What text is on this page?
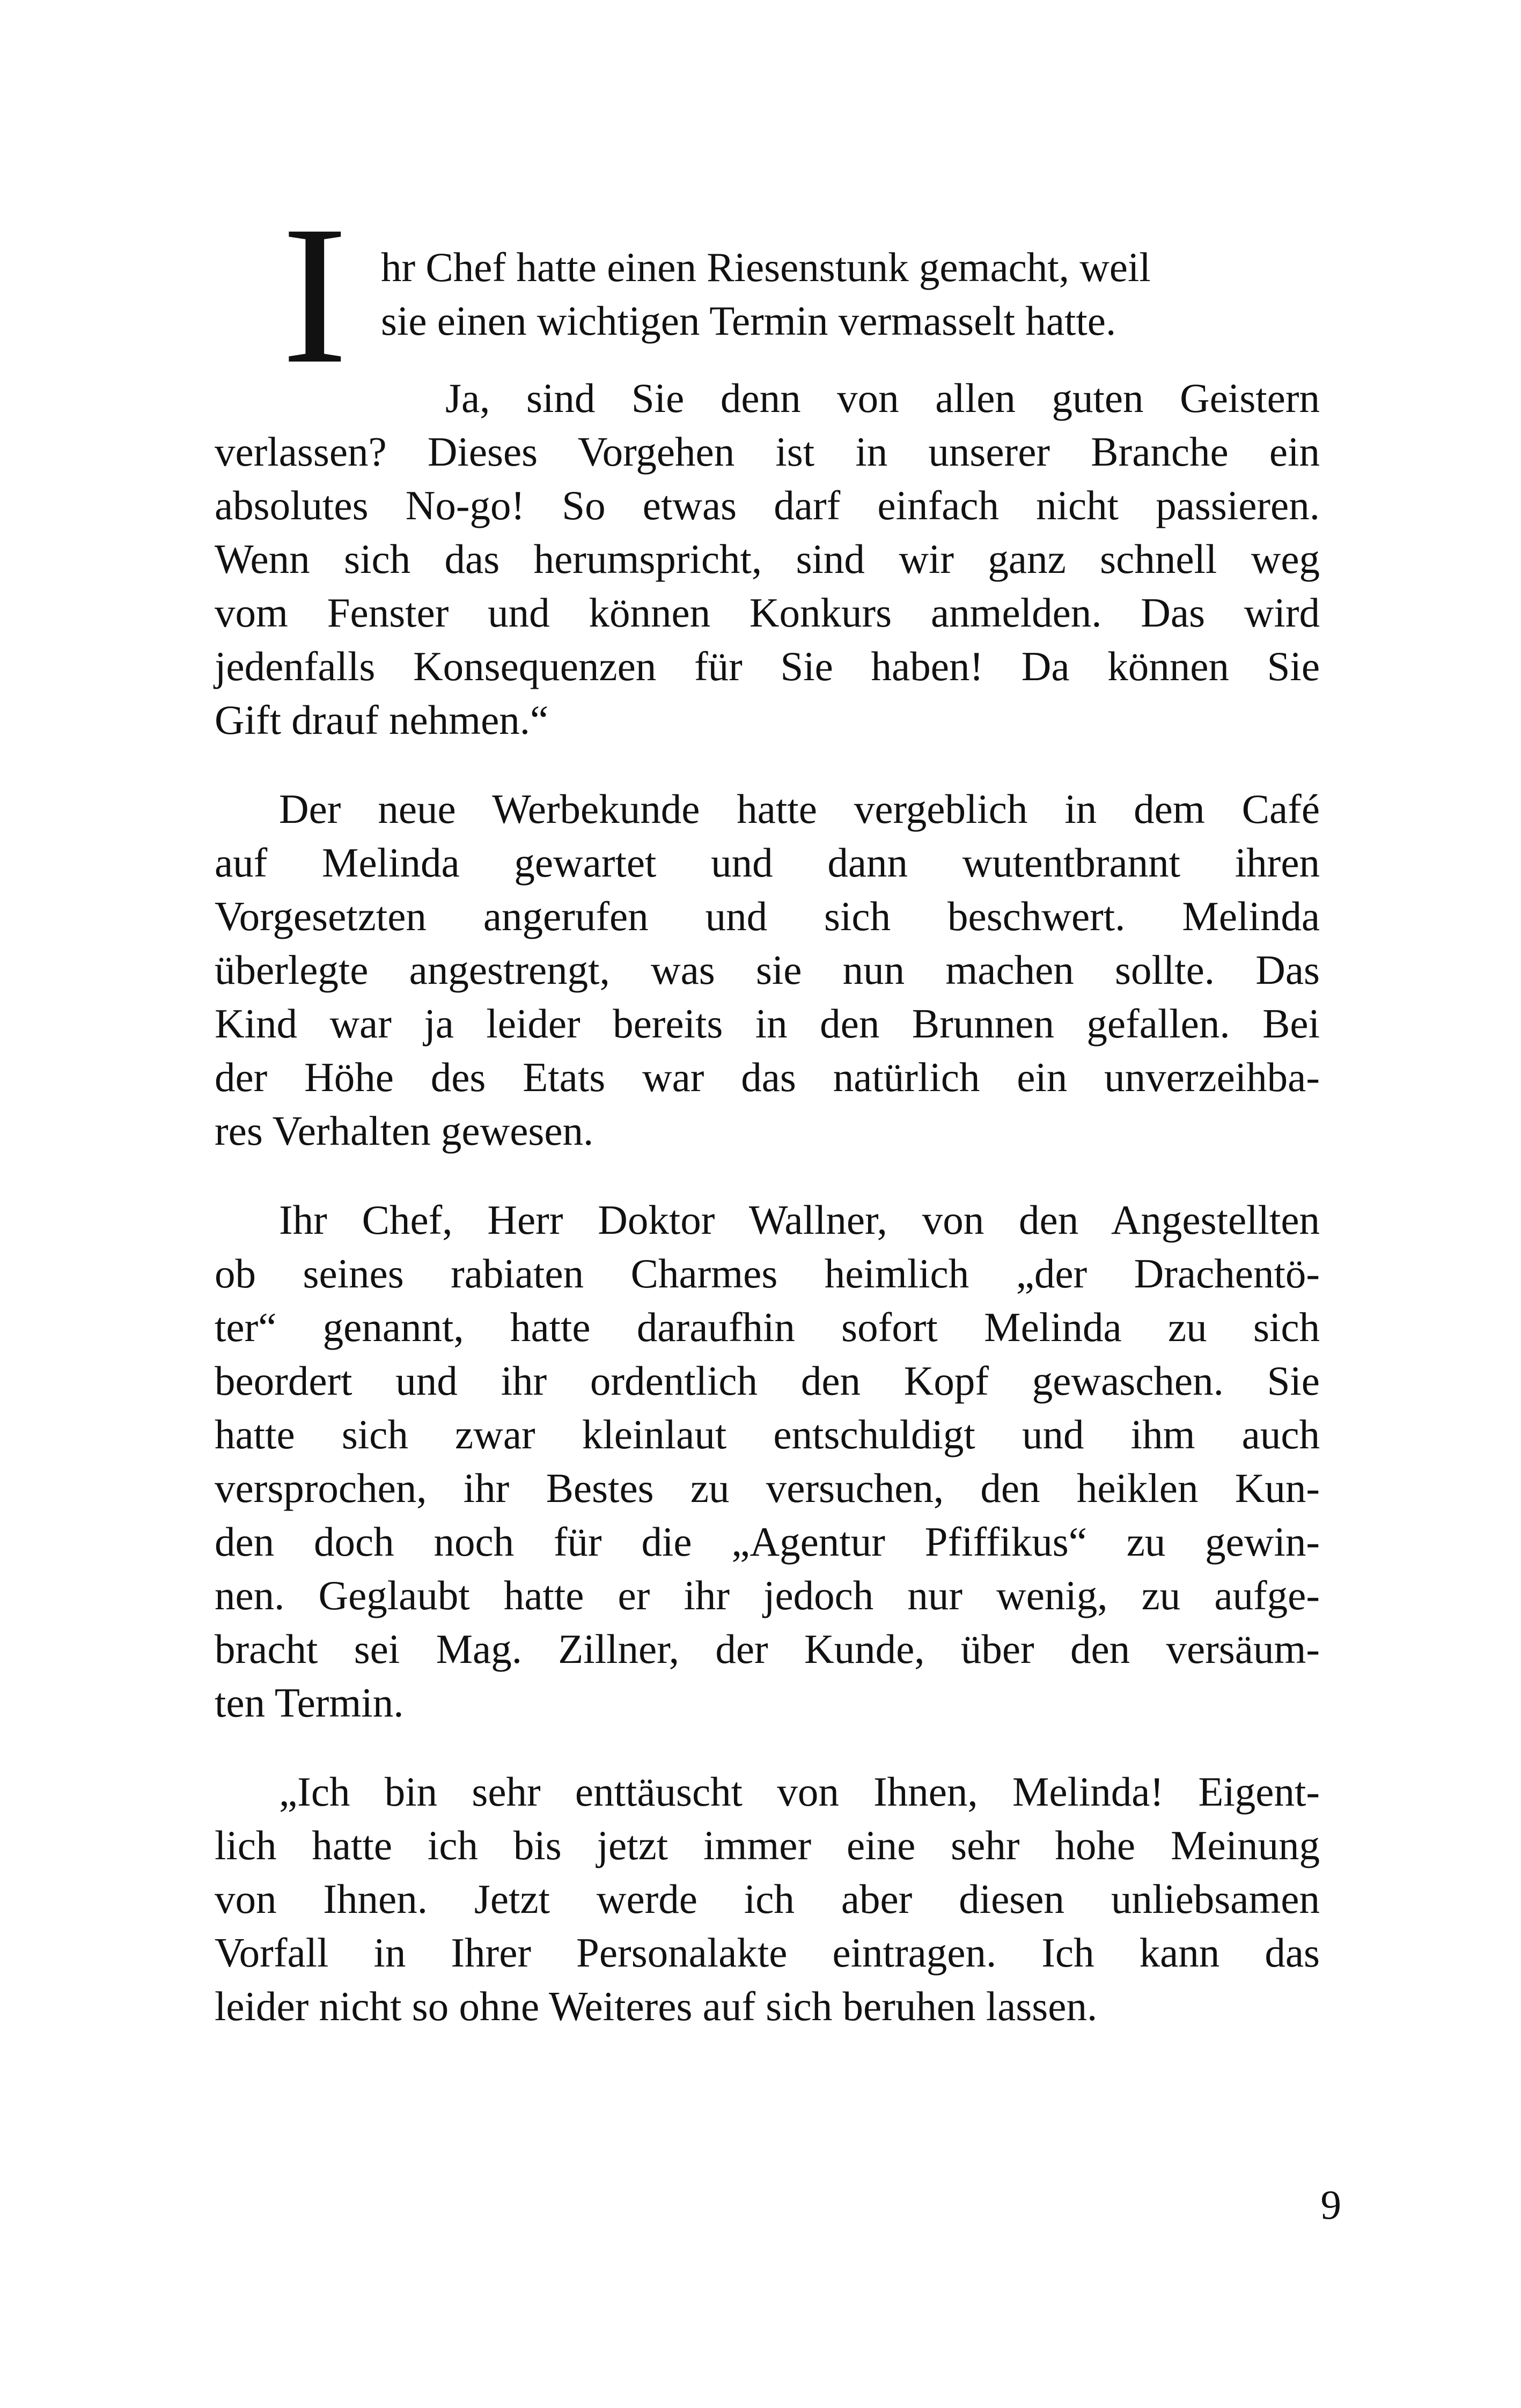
I hr Chef hatte einen Riesenstunk gemacht, weil
sie einen wichtigen Termin vermasselt hatte.

Ja, sind Sie denn von allen guten Geistern
verlassen? Dieses Vorgehen ist in unserer Branche ein
absolutes No-go! So etwas darf einfach nicht passieren.
Wenn sich das herumspricht, sind wir ganz schnell weg
vom Fenster und können Konkurs anmelden. Das wird
jedenfalls Konsequenzen für Sie haben! Da können Sie
Gift drauf nehmen.“

Der neue Werbekunde hatte vergeblich in dem Café
auf Melinda gewartet und dann wutentbrannt ihren
Vorgesetzten angerufen und sich beschwert. Melinda
überlegte angestrengt, was sie nun machen sollte. Das
Kind war ja leider bereits in den Brunnen gefallen. Bei
der Höhe des Etats war das natürlich ein unverzeihba-
res Verhalten gewesen.

Ihr Chef, Herr Doktor Wallner, von den Angestellten
ob seines rabiaten Charmes heimlich „der Drachentö-
ter“ genannt, hatte daraufhin sofort Melinda zu sich
beordert und ihr ordentlich den Kopf gewaschen. Sie
hatte sich zwar kleinlaut entschuldigt und ihm auch
versprochen, ihr Bestes zu versuchen, den heiklen Kun-
den doch noch für die „Agentur Pfiffikus“ zu gewin-
nen. Geglaubt hatte er ihr jedoch nur wenig, zu aufge-
bracht sei Mag. Zillner, der Kunde, über den versäum-
ten Termin.

„Ich bin sehr enttäuscht von Ihnen, Melinda! Eigent-
lich hatte ich bis jetzt immer eine sehr hohe Meinung
von Ihnen. Jetzt werde ich aber diesen unliebsamen
Vorfall in Ihrer Personalakte eintragen. Ich kann das
leider nicht so ohne Weiteres auf sich beruhen lassen.

9
